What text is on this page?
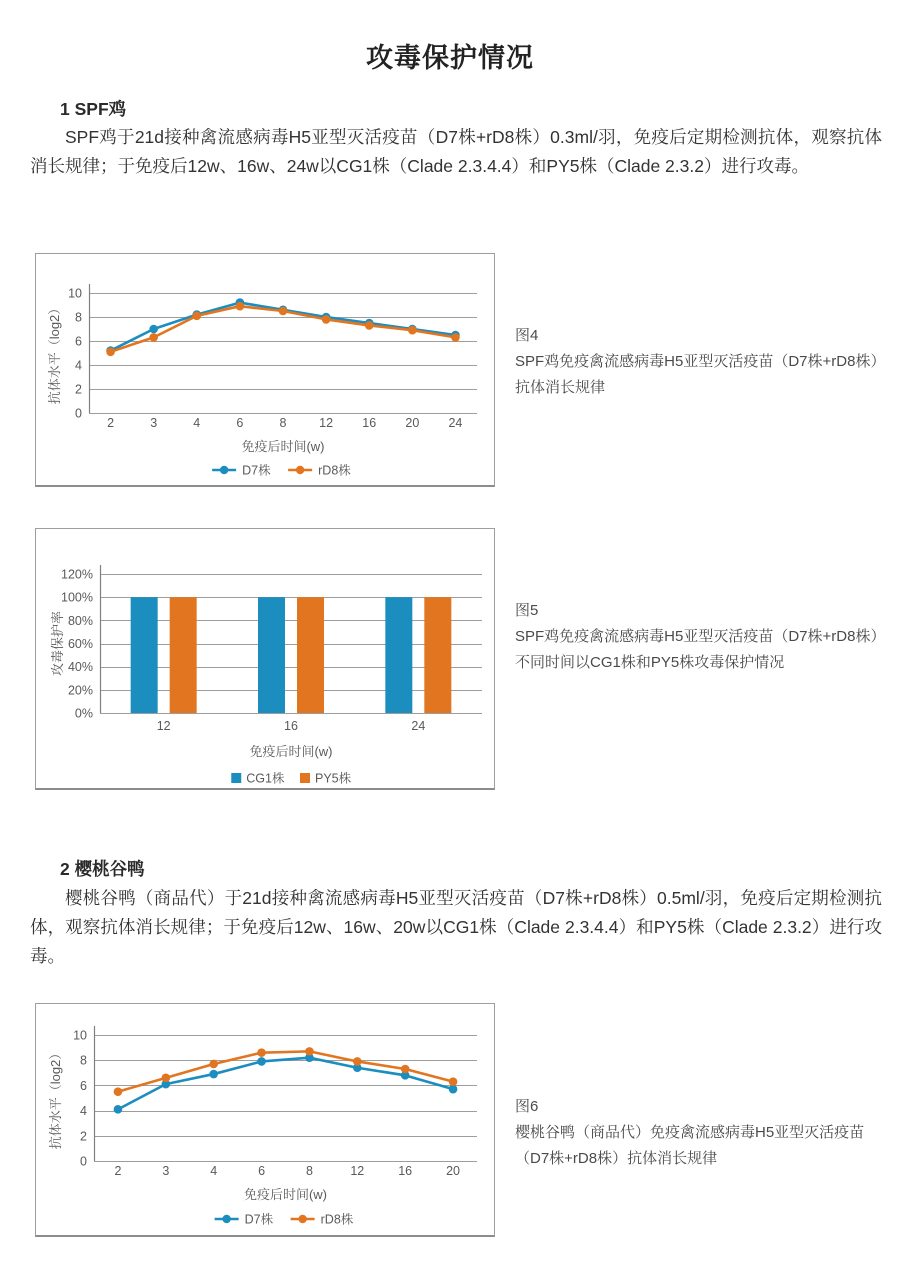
攻毒保护情况
1 SPF鸡

SPF鸡于21d接种禽流感病毒H5亚型灭活疫苗（D7株+rD8株）0.3ml/羽，免疫后定期检测抗体，观察抗体消长规律；于免疫后12w、16w、24w以CG1株（Clade 2.3.4.4）和PY5株（Clade 2.3.2）进行攻毒。

0
2
4
6
8
10
抗体水平（log2）
2	3	4	6	8	12 16 20 24
免疫后时间(w)
D7株	rD8株
图4
SPF鸡免疫禽流感病毒H5亚型灭活疫苗（D7株+rD8株）抗体消长规律
0%
20%
40%
60%
80%
100%
120%
攻毒保护率
12	16	24
免疫后时间(w)
CG1株 PY5株
图5
SPF鸡免疫禽流感病毒H5亚型灭活疫苗（D7株+rD8株）不同时间以CG1株和PY5株攻毒保护情况
2 樱桃谷鸭

樱桃谷鸭（商品代）于21d接种禽流感病毒H5亚型灭活疫苗（D7株+rD8株）0.5ml/羽，免疫后定期检测抗体，观察抗体消长规律；于免疫后12w、16w、20w以CG1株（Clade 2.3.4.4）和PY5株（Clade 2.3.2）进行攻毒。

0
2
4
6
8
10
抗体水平（log2）
2	3	4	6	8	12	16	20
免疫后时间(w)
D7株	rD8株
图6
樱桃谷鸭（商品代）免疫禽流感病毒H5亚型灭活疫苗（D7株+rD8株）抗体消长规律
